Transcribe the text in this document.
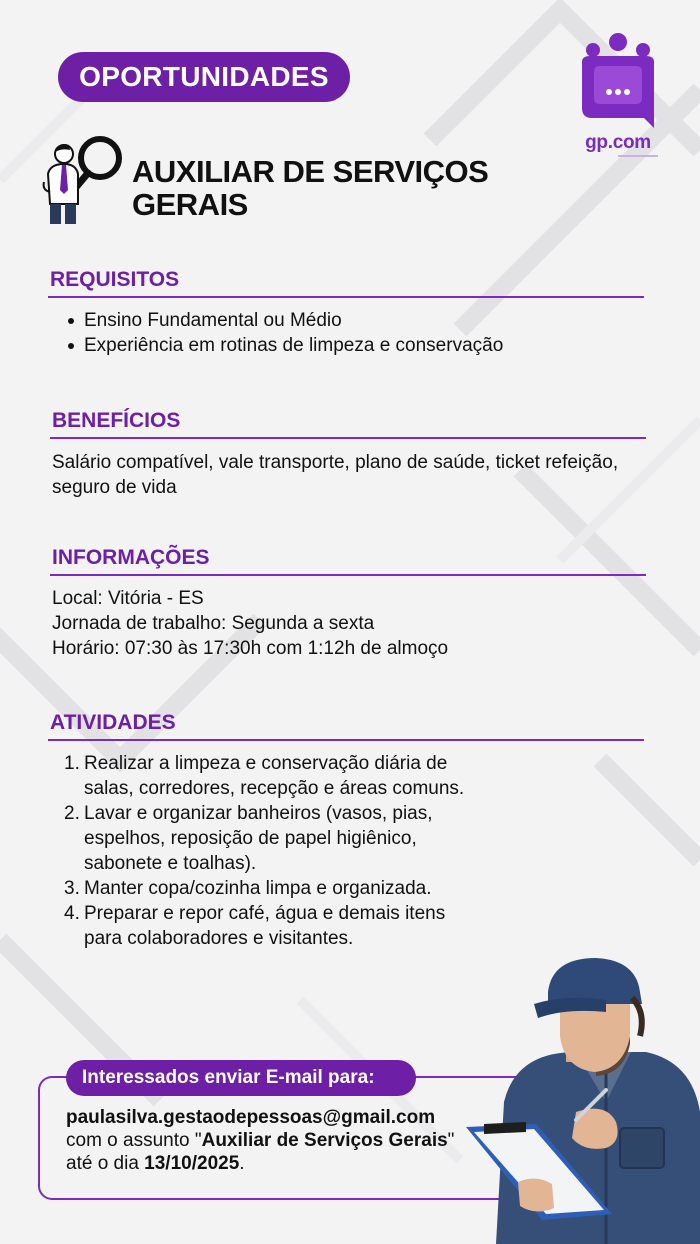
OPORTUNIDADES
gp.com
AUXILIAR DE SERVIÇOS GERAIS
REQUISITOS
Ensino Fundamental ou Médio
Experiência em rotinas de limpeza e conservação
BENEFÍCIOS
Salário compatível, vale transporte, plano de saúde, ticket refeição, seguro de vida
INFORMAÇÕES
Local: Vitória - ES
Jornada de trabalho: Segunda a sexta
Horário: 07:30 às 17:30h com 1:12h de almoço
ATIVIDADES
1. Realizar a limpeza e conservação diária de salas, corredores, recepção e áreas comuns.
2. Lavar e organizar banheiros (vasos, pias, espelhos, reposição de papel higiênico, sabonete e toalhas).
3. Manter copa/cozinha limpa e organizada.
4. Preparar e repor café, água e demais itens para colaboradores e visitantes.
Interessados enviar E-mail para:
paulasilva.gestaodepessoas@gmail.com
com o assunto "Auxiliar de Serviços Gerais" até o dia 13/10/2025.
